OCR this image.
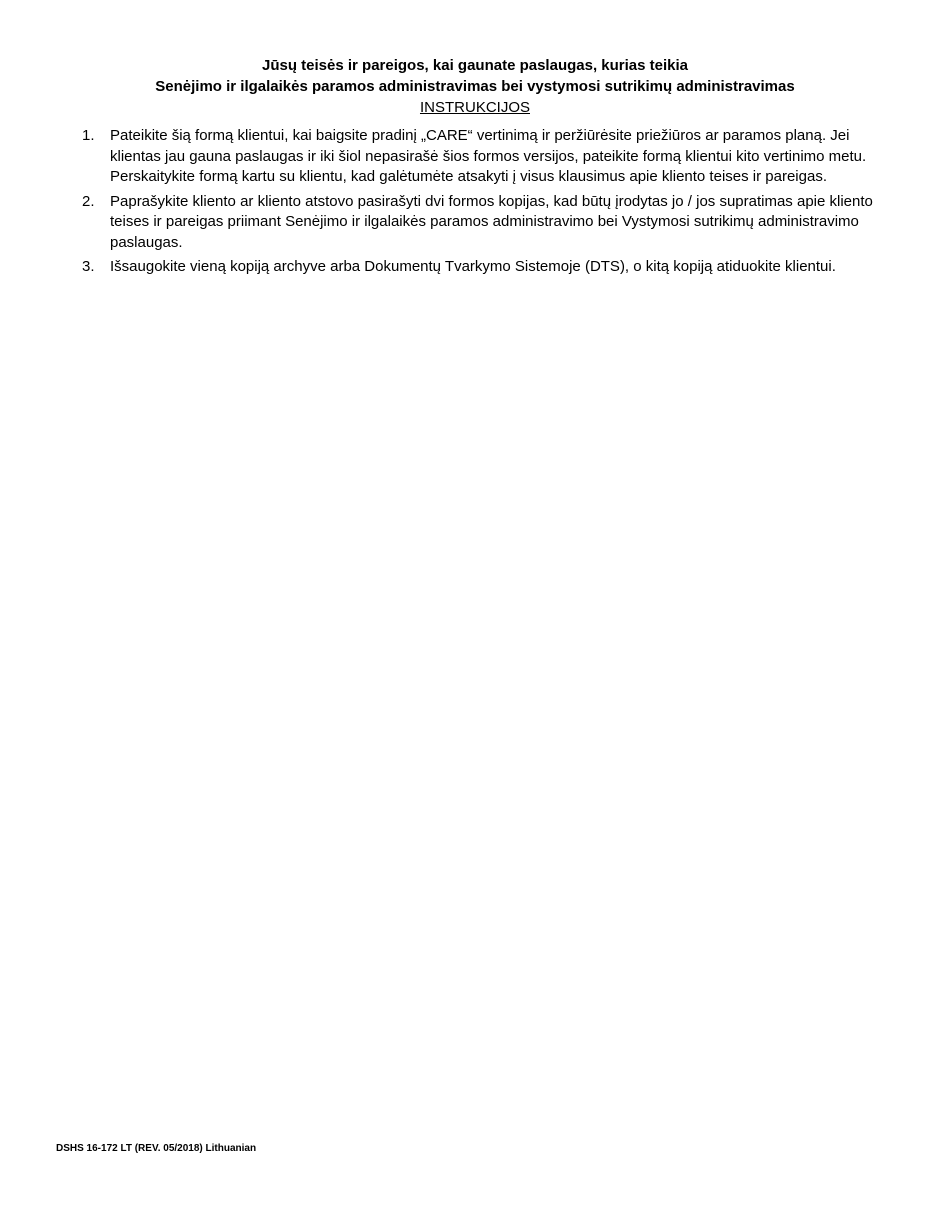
Jūsų teisės ir pareigos, kai gaunate paslaugas, kurias teikia

Senėjimo ir ilgalaikės paramos administravimas bei vystymosi sutrikimų administravimas

INSTRUKCIJOS

1.	Pateikite šią formą klientui, kai baigsite pradinį „CARE“ vertinimą ir peržiūrėsite priežiūros ar paramos planą. Jei klientas jau gauna paslaugas ir iki šiol nepasirašė šios formos versijos, pateikite formą klientui kito vertinimo metu. Perskaitykite formą kartu su klientu, kad galėtumėte atsakyti į visus klausimus apie kliento teises ir pareigas.
2.	Paprašykite kliento ar kliento atstovo pasirašyti dvi formos kopijas, kad būtų įrodytas jo / jos supratimas apie kliento teises ir pareigas priimant Senėjimo ir ilgalaikės paramos administravimo bei Vystymosi sutrikimų administravimo paslaugas.
3.	Išsaugokite vieną kopiją archyve arba Dokumentų Tvarkymo Sistemoje (DTS), o kitą kopiją atiduokite klientui.
DSHS 16-172 LT (REV. 05/2018) Lithuanian
